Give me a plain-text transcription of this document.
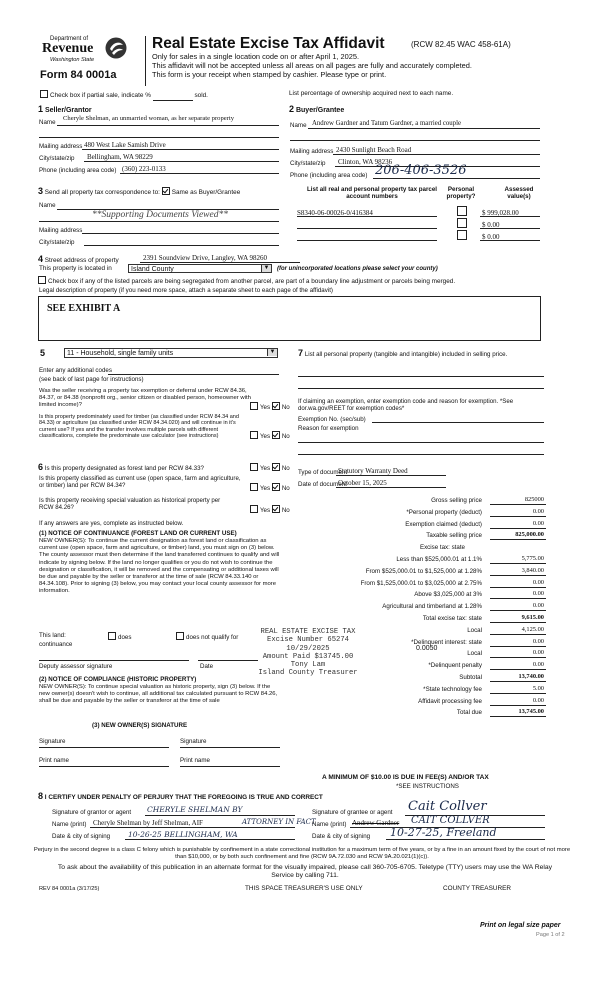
Department of
Revenue
Washington State
Form 84 0001a
Real Estate Excise Tax Affidavit	(RCW 82.45 WAC 458-61A)
Only for sales in a single location code on or after April 1, 2025.
This affidavit will not be accepted unless all areas on all pages are fully and accurately completed.
This form is your receipt when stamped by cashier. Please type or print.
Check box if partial sale, indicate %	sold.	List percentage of ownership acquired next to each name.
1 Seller/Grantor
Name
Cheryle Shelman, an unmarried woman, as her separate property
Mailing address 480 West Lake Samish Drive
City/state/zip Bellingham, WA 98229
Phone (including area code) (360) 223-0133
2 Buyer/Grantee
Name Andrew Gardner and Tatum Gardner, a married couple
Mailing address 2430 Sunlight Beach Road
City/state/zip Clinton, WA 98236
Phone (including area code) 206-406-3526
3 Send all property tax correspondence to: Same as Buyer/Grantee
Name
**Supporting Documents Viewed**
Mailing address
City/state/zip
List all real and personal property tax parcel account numbers
Personal property?
Assessed value(s)
S8340-06-00026-0/416384	$ 999,028.00
$ 0.00
$ 0.00
4 Street address of property	2391 Soundview Drive, Langley, WA 98260
This property is located in	Island County	▼ (for unincorporated locations please select your county)
Check box if any of the listed parcels are being segregated from another parcel, are part of a boundary line adjustment or parcels being merged.
Legal description of property (if you need more space, attach a separate sheet to each page of the affidavit)
SEE EXHIBIT A
5	11 - Household, single family units	▼
Enter any additional codes
(see back of last page for instructions)
Was the seller receiving a property tax exemption or deferral under RCW 84.36, 84.37, or 84.38 (nonprofit org., senior citizen or disabled person, homeowner with limited income)?	Yes No
Is this property predominately used for timber (as classified under RCW 84.34 and 84.33) or agriculture (as classified under RCW 84.34.020) and will continue in it's current use? If yes and the transfer involves multiple parcels with different classifications, complete the predominate use calculator (see instructions)	Yes No
6 Is this property designated as forest land per RCW 84.33?	Yes No
Is this property classified as current use (open space, farm and agriculture, or timber) land per RCW 84.34?	Yes No
Is this property receiving special valuation as historical property per RCW 84.26?	Yes No
If any answers are yes, complete as instructed below.
(1) NOTICE OF CONTINUANCE (FOREST LAND OR CURRENT USE)
NEW OWNER(S): To continue the current designation as forest land or classification as current use (open space, farm and agriculture, or timber) land, you must sign on (3) below. The county assessor must then determine if the land transferred continues to qualify and will indicate by signing below. If the land no longer qualifies or you do not wish to continue the designation or classification, it will be removed and the compensating or additional taxes will be due and payable by the seller or transferor at the time of sale (RCW 84.33.140 or 84.34.108). Prior to signing (3) below, you may contact your local county assessor for more information.
This land:
continuance
does	does not qualify for
Deputy assessor signature	Date
(2) NOTICE OF COMPLIANCE (HISTORIC PROPERTY)
NEW OWNER(S): To continue special valuation as historic property, sign (3) below. If the new owner(s) doesn't wish to continue, all additional tax calculated pursuant to RCW 84.26, shall be due and payable by the seller or transferor at the time of sale
(3) NEW OWNER(S) SIGNATURE
Signature	Signature
Print name	Print name
7 List all personal property (tangible and intangible) included in selling price.
If claiming an exemption, enter exemption code and reason for exemption. *See dor.wa.gov/REET for exemption codes*
Exemption No. (sec/sub)
Reason for exemption
Type of document
Statutory Warranty Deed
Date of document
October 15, 2025
Gross selling price	825000
*Personal property (deduct)	0.00
Exemption claimed (deduct)	0.00
Taxable selling price	825,000.00
Excise tax: state
Less than $525,000.01 at 1.1%	5,775.00
From $525,000.01 to $1,525,000 at 1.28%	3,840.00
From $1,525,000.01 to $3,025,000 at 2.75%	0.00
Above $3,025,000 at 3%	0.00
Agricultural and timberland at 1.28%	0.00
Total excise tax: state	9,615.00
Local	4,125.00
*Delinquent interest: state	0.00
Local	0.00
*Delinquent penalty	0.00
Subtotal	13,740.00
*State technology fee	5.00
Affidavit processing fee	0.00
Total due	13,745.00
0.0050
REAL ESTATE EXCISE TAX
Excise Number 65274
10/29/2025
Amount Paid $13745.00
Tony Lam
Island County Treasurer
A MINIMUM OF $10.00 IS DUE IN FEE(S) AND/OR TAX
*SEE INSTRUCTIONS
8 I CERTIFY UNDER PENALTY OF PERJURY THAT THE FOREGOING IS TRUE AND CORRECT
Signature of grantor or agent CHERYLE SHELMAN BY
Name (print) Cheryle Shelman by Jeff Shelman, AIF	ATTORNEY IN FACT
Date & city of signing 10-26-25 BELLINGHAM, WA
Signature of grantee or agent Cait Collver
Name (print) Andrew Gardner CAIT COLLVER
Date & city of signing 10-27-25, Freeland
Perjury in the second degree is a class C felony which is punishable by confinement in a state correctional institution for a maximum term of five years, or by a fine in an amount fixed by the court of not more than $10,000, or by both such confinement and fine (RCW 9A.72.030 and RCW 9A.20.021(1)(c)).
To ask about the availability of this publication in an alternate format for the visually impaired, please call 360-705-6705. Teletype (TTY) users may use the WA Relay Service by calling 711.
REV 84 0001a (3/17/25)	THIS SPACE TREASURER'S USE ONLY	COUNTY TREASURER
Print on legal size paper
Page 1 of 2
